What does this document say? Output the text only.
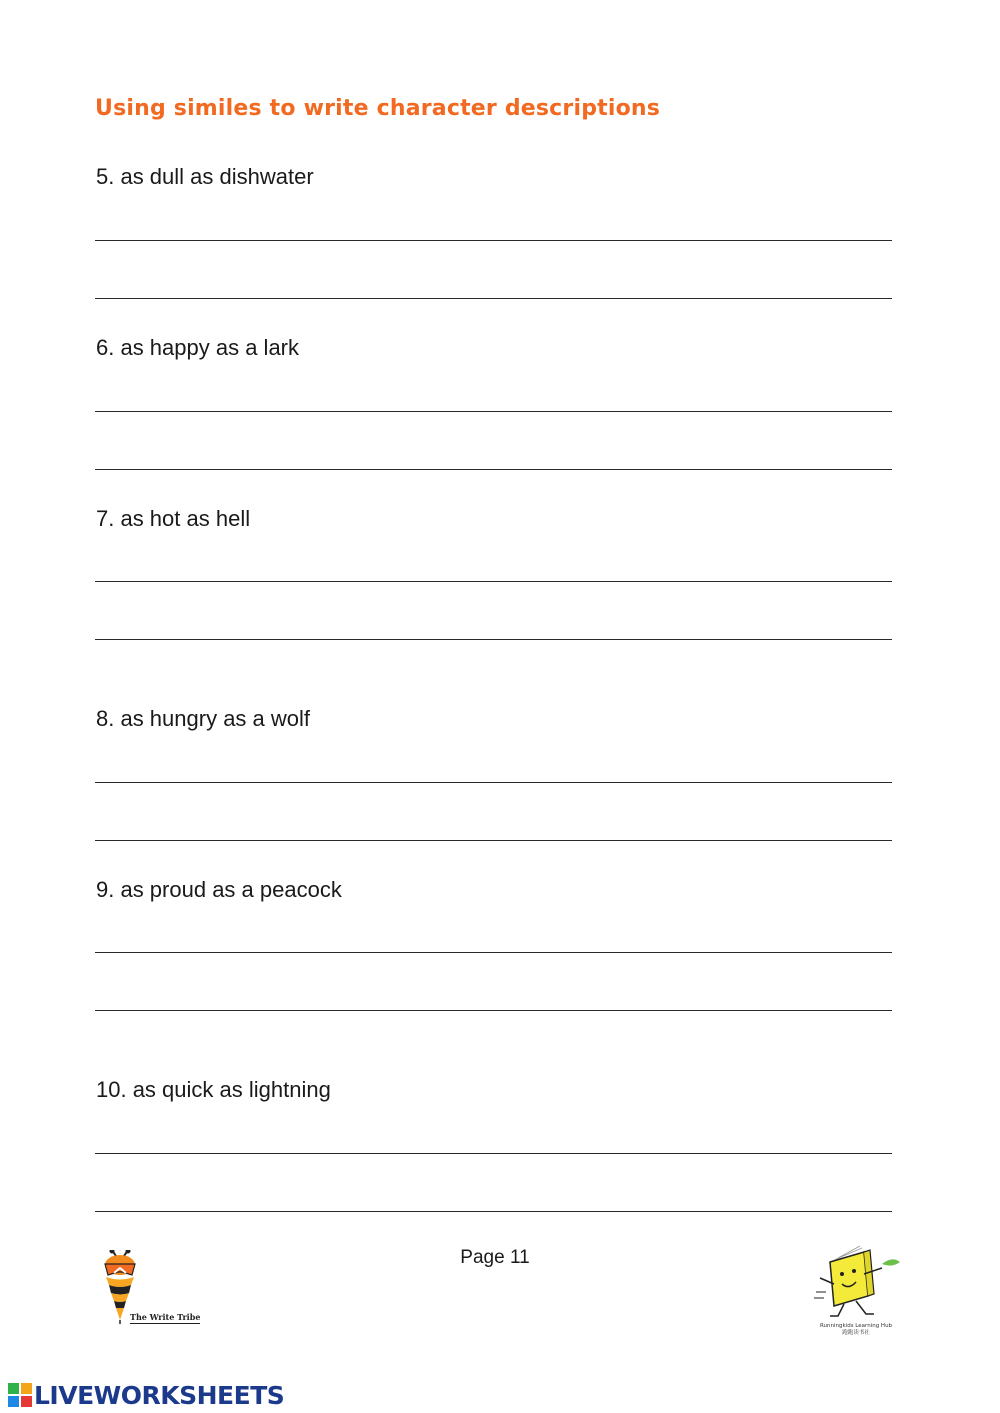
Using similes to write character descriptions
5. as dull as dishwater
6. as happy as a lark
7. as hot as hell
8. as hungry as a wolf
9. as proud as a peacock
10. as quick as lightning
Page 11
The Write Tribe
Runningkids Learning Hub
跑跑读书社
LIVEWORKSHEETS
